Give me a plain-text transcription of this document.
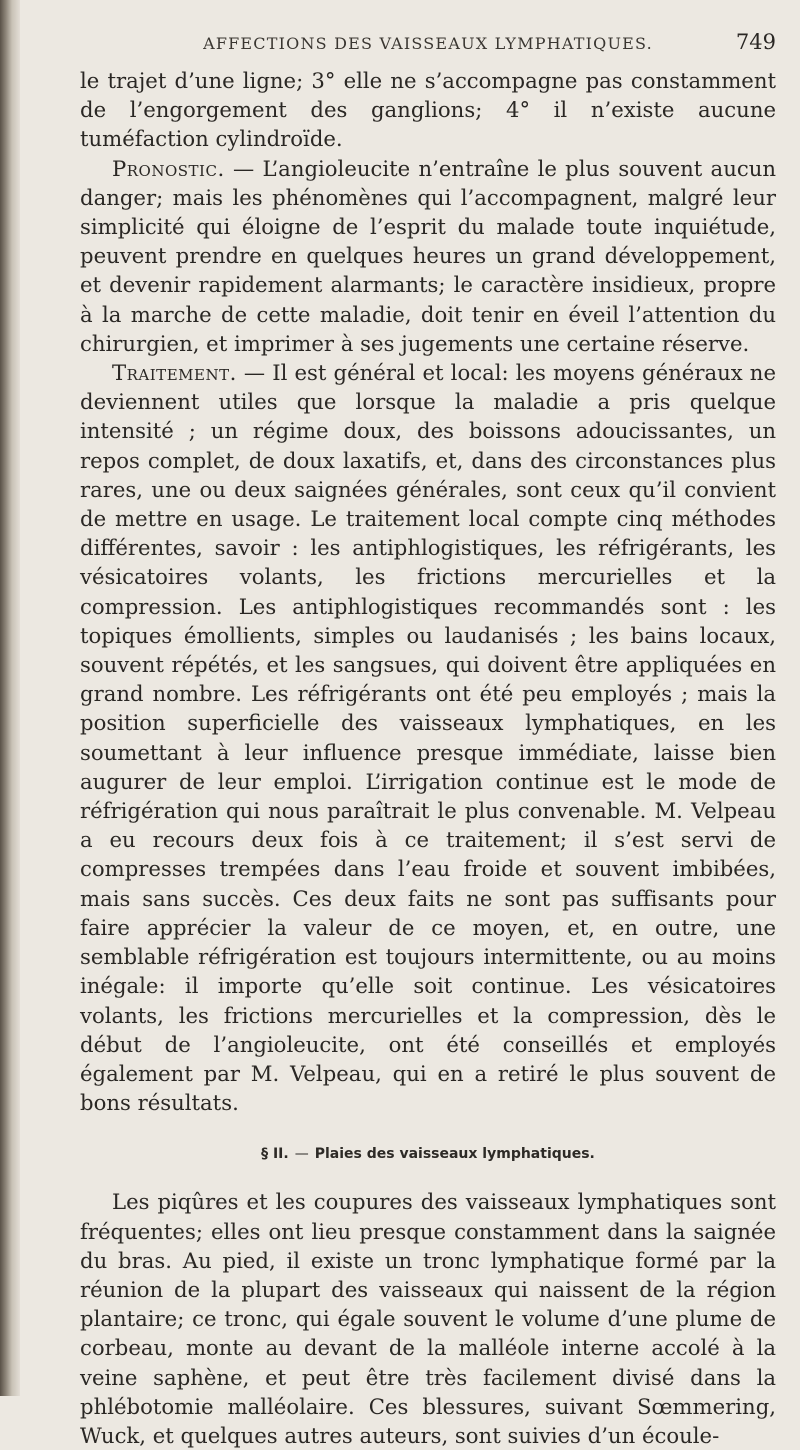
AFFECTIONS DES VAISSEAUX LYMPHATIQUES.	749

le trajet d’une ligne; 3° elle ne s’accompagne pas constamment de l’engorgement des ganglions; 4° il n’existe aucune tuméfaction cylindroïde.

Pronostic. — L’angioleucite n’entraîne le plus souvent aucun danger; mais les phénomènes qui l’accompagnent, malgré leur simplicité qui éloigne de l’esprit du malade toute inquiétude, peuvent prendre en quelques heures un grand développement, et devenir rapidement alarmants; le caractère insidieux, propre à la marche de cette maladie, doit tenir en éveil l’attention du chirurgien, et imprimer à ses jugements une certaine réserve.

Traitement. — Il est général et local: les moyens généraux ne deviennent utiles que lorsque la maladie a pris quelque intensité ; un régime doux, des boissons adoucissantes, un repos complet, de doux laxatifs, et, dans des circonstances plus rares, une ou deux saignées générales, sont ceux qu’il convient de mettre en usage. Le traitement local compte cinq méthodes différentes, savoir : les antiphlogistiques, les réfrigérants, les vésicatoires volants, les frictions mercurielles et la compression. Les antiphlogistiques recommandés sont : les topiques émollients, simples ou laudanisés ; les bains locaux, souvent répétés, et les sangsues, qui doivent être appliquées en grand nombre. Les réfrigérants ont été peu employés ; mais la position superficielle des vaisseaux lymphatiques, en les soumettant à leur influence presque immédiate, laisse bien augurer de leur emploi. L’irrigation continue est le mode de réfrigération qui nous paraîtrait le plus convenable. M. Velpeau a eu recours deux fois à ce traitement; il s’est servi de compresses trempées dans l’eau froide et souvent imbibées, mais sans succès. Ces deux faits ne sont pas suffisants pour faire apprécier la valeur de ce moyen, et, en outre, une semblable réfrigération est toujours intermittente, ou au moins inégale: il importe qu’elle soit continue. Les vésicatoires volants, les frictions mercurielles et la compression, dès le début de l’angioleucite, ont été conseillés et employés également par M. Velpeau, qui en a retiré le plus souvent de bons résultats.

§ II. — Plaies des vaisseaux lymphatiques.

Les piqûres et les coupures des vaisseaux lymphatiques sont fréquentes; elles ont lieu presque constamment dans la saignée du bras. Au pied, il existe un tronc lymphatique formé par la réunion de la plupart des vaisseaux qui naissent de la région plantaire; ce tronc, qui égale souvent le volume d’une plume de corbeau, monte au devant de la malléole interne accolé à la veine saphène, et peut être très facilement divisé dans la phlébotomie malléolaire. Ces blessures, suivant Sœmmering, Wuck, et quelques autres auteurs, sont suivies d’un écoule-
